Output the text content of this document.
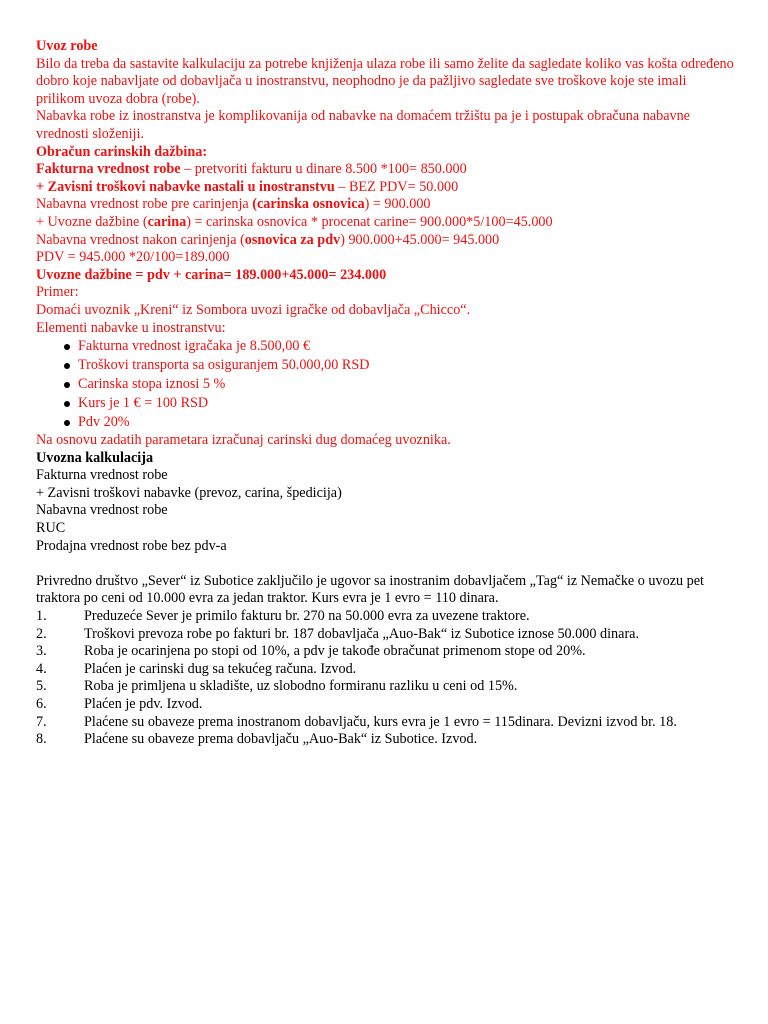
Uvoz robe
Bilo da treba da sastavite kalkulaciju za potrebe knjiženja ulaza robe ili samo želite da sagledate koliko vas košta određeno dobro koje nabavljate od dobavljača u inostranstvu, neophodno je da pažljivo sagledate sve troškove koje ste imali prilikom uvoza dobra (robe).
Nabavka robe iz inostranstva je komplikovanija od nabavke na domaćem tržištu pa je i postupak obračuna nabavne vrednosti složeniji.
Obračun carinskih dažbina:
Fakturna vrednost robe – pretvoriti fakturu u dinare 8.500 *100= 850.000
+ Zavisni troškovi nabavke nastali u inostranstvu – BEZ PDV= 50.000
Nabavna vrednost robe pre carinjenja (carinska osnovica) = 900.000
+ Uvozne dažbine (carina) = carinska osnovica * procenat carine= 900.000*5/100=45.000
Nabavna vrednost nakon carinjenja (osnovica za pdv) 900.000+45.000= 945.000
PDV = 945.000 *20/100=189.000
Uvozne dažbine = pdv + carina= 189.000+45.000= 234.000
Primer:
Domaći uvoznik „Kreni“ iz Sombora uvozi igračke od dobavljača „Chicco“.
Elementi nabavke u inostranstvu:
Fakturna vrednost igračaka je 8.500,00 €
Troškovi transporta sa osiguranjem 50.000,00 RSD
Carinska stopa iznosi 5 %
Kurs je 1 € = 100 RSD
Pdv 20%
Na osnovu zadatih parametara izračunaj carinski dug domaćeg uvoznika.
Uvozna kalkulacija
Fakturna vrednost robe
+ Zavisni troškovi nabavke (prevoz, carina, špedicija)
Nabavna vrednost robe
RUC
Prodajna vrednost robe bez pdv-a
Privredno društvo „Sever“ iz Subotice zaključilo je ugovor sa inostranim dobavljačem „Tag“ iz Nemačke o uvozu pet traktora po ceni od 10.000 evra za jedan traktor. Kurs evra je 1 evro = 110 dinara.
1.	Preduzeće Sever je primilo fakturu br. 270 na 50.000 evra za uvezene traktore.
2.	Troškovi prevoza robe po fakturi br. 187 dobavljača „Auo-Bak“ iz Subotice iznose 50.000 dinara.
3.	Roba je ocarinjena po stopi od 10%, a pdv je takođe obračunat primenom stope od 20%.
4.	Plaćen je carinski dug sa tekućeg računa. Izvod.
5.	Roba je primljena u skladište, uz slobodno formiranu razliku u ceni od 15%.
6.	Plaćen je pdv. Izvod.
7.	Plaćene su obaveze prema inostranom dobavljaču, kurs evra je 1 evro = 115dinara. Devizni izvod br. 18.
8.	Plaćene su obaveze prema dobavljaču „Auo-Bak“ iz Subotice. Izvod.
